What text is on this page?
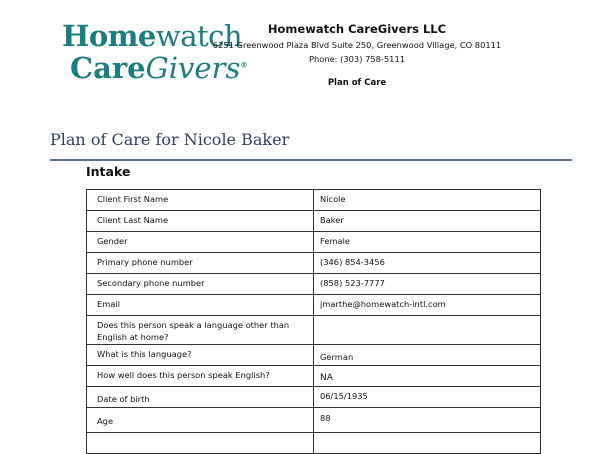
Homewatch
CareGivers®
Homewatch CareGivers LLC
6251 Greenwood Plaza Blvd Suite 250, Greenwood Village, CO 80111
Phone: (303) 758-5111
Plan of Care
Plan of Care for Nicole Baker
Intake
Client First Name	Nicole
Client Last Name	Baker
Gender	Female
Primary phone number	(346) 854-3456
Secondary phone number	(858) 523-7777
Email	jmarthe@homewatch-intl.com
Does this person speak a language other than English at home?	
What is this language?	German
How well does this person speak English?	NA
Date of birth	06/15/1935
Age	88
